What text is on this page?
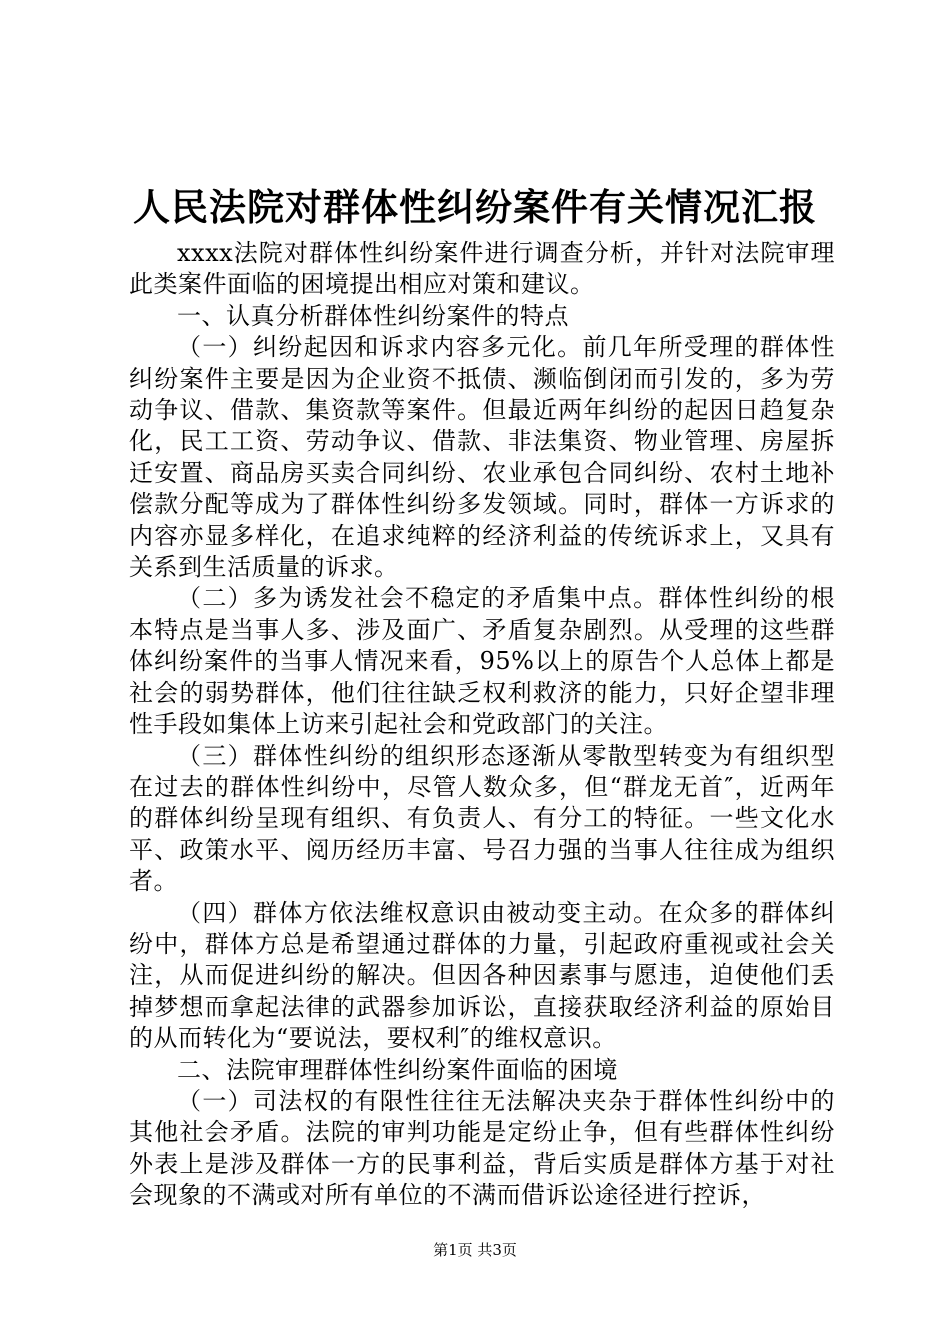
人民法院对群体性纠纷案件有关情况汇报

xxxx法院对群体性纠纷案件进行调查分析，并针对法院审理此类案件面临的困境提出相应对策和建议。

一、认真分析群体性纠纷案件的特点

（一）纠纷起因和诉求内容多元化。前几年所受理的群体性纠纷案件主要是因为企业资不抵债、濒临倒闭而引发的，多为劳动争议、借款、集资款等案件。但最近两年纠纷的起因日趋复杂化，民工工资、劳动争议、借款、非法集资、物业管理、房屋拆迁安置、商品房买卖合同纠纷、农业承包合同纠纷、农村土地补偿款分配等成为了群体性纠纷多发领域。同时，群体一方诉求的内容亦显多样化，在追求纯粹的经济利益的传统诉求上，又具有关系到生活质量的诉求。

（二）多为诱发社会不稳定的矛盾集中点。群体性纠纷的根本特点是当事人多、涉及面广、矛盾复杂剧烈。从受理的这些群体纠纷案件的当事人情况来看，95%以上的原告个人总体上都是社会的弱势群体，他们往往缺乏权利救济的能力，只好企望非理性手段如集体上访来引起社会和党政部门的关注。

（三）群体性纠纷的组织形态逐渐从零散型转变为有组织型在过去的群体性纠纷中，尽管人数众多，但“群龙无首″，近两年的群体纠纷呈现有组织、有负责人、有分工的特征。一些文化水平、政策水平、阅历经历丰富、号召力强的当事人往往成为组织者。

（四）群体方依法维权意识由被动变主动。在众多的群体纠纷中，群体方总是希望通过群体的力量，引起政府重视或社会关注，从而促进纠纷的解决。但因各种因素事与愿违，迫使他们丢掉梦想而拿起法律的武器参加诉讼，直接获取经济利益的原始目的从而转化为“要说法，要权利″的维权意识。

二、法院审理群体性纠纷案件面临的困境

（一）司法权的有限性往往无法解决夹杂于群体性纠纷中的其他社会矛盾。法院的审判功能是定纷止争，但有些群体性纠纷外表上是涉及群体一方的民事利益，背后实质是群体方基于对社会现象的不满或对所有单位的不满而借诉讼途径进行控诉，

第1页 共3页
